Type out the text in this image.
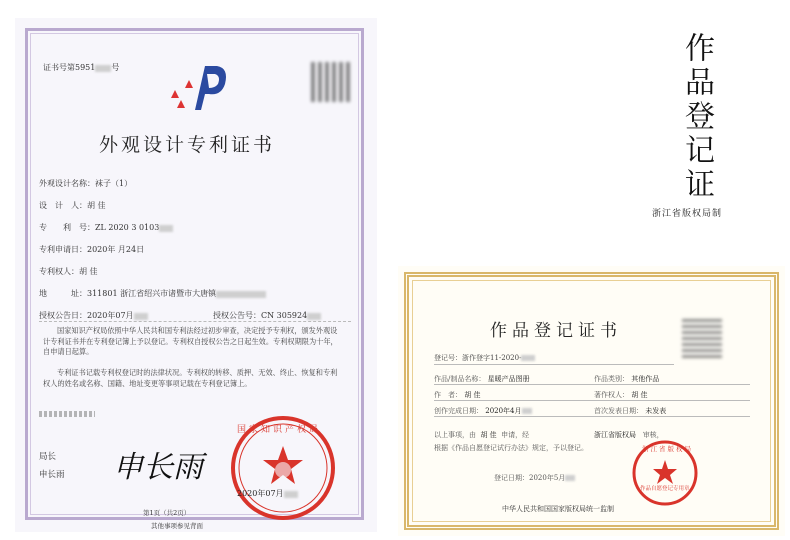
证书号第5951 号
外观设计专利证书
外观设计名称：袜子（1）
设　计　人：胡 佳
专　　利　号：ZL 2020 3 0103
专利申请日：2020年 月24日
专利权人：胡 佳
地　　　址：311801 浙江省绍兴市诸暨市大唐镇
授权公告日：2020年07月	授权公告号：CN 305924
国家知识产权局依照中华人民共和国专利法经过初步审查，决定授予专利权，颁发外观设计专利证书并在专利登记簿上予以登记。专利权自授权公告之日起生效。专利权期限为十年，自申请日起算。
专利证书记载专利权登记时的法律状况。专利权的转移、质押、无效、终止、恢复和专利权人的姓名或名称、国籍、地址变更等事项记载在专利登记簿上。
局长
申长雨 申长雨
国家知识产权局
2020年07月
第1页（共2页）
其他事项参见背面
作品登记证
浙江省版权局制
作品登记证书
登记号：浙作登字11-2020-
作品/制品名称： 星暖产品图册	作品类别： 其他作品
作　者： 胡 佳	著作权人： 胡 佳
创作完成日期： 2020年4月	首次发表日期： 未发表
以上事项，由 胡 佳 申请，经	浙江省版权局 审核，
根据《作品自愿登记试行办法》规定，予以登记。
登记日期：2020年5月
浙江省版权局
作品自愿登记专用章
中华人民共和国国家版权局统一监制
